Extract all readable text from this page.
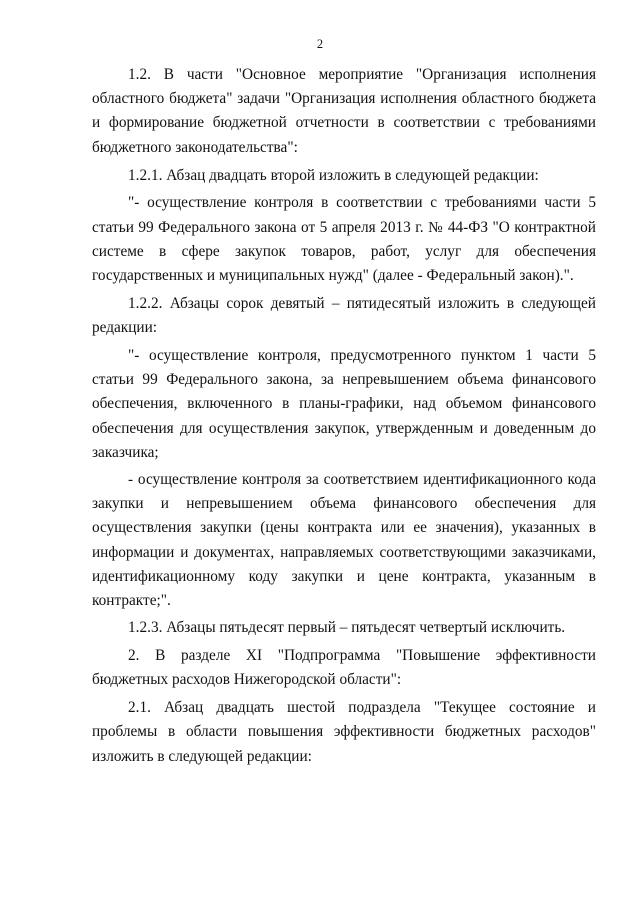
2

1.2. В части "Основное мероприятие "Организация исполнения областного бюджета" задачи "Организация исполнения областного бюджета и формирование бюджетной отчетности в соответствии с требованиями бюджетного законодательства":

1.2.1. Абзац двадцать второй изложить в следующей редакции:

"- осуществление контроля в соответствии с требованиями части 5 статьи 99 Федерального закона от 5 апреля 2013 г. № 44-ФЗ "О контрактной системе в сфере закупок товаров, работ, услуг для обеспечения государственных и муниципальных нужд" (далее - Федеральный закон).".

1.2.2. Абзацы сорок девятый – пятидесятый изложить в следующей редакции:

"- осуществление контроля, предусмотренного пунктом 1 части 5 статьи 99 Федерального закона, за непревышением объема финансового обеспечения, включенного в планы-графики, над объемом финансового обеспечения для осуществления закупок, утвержденным и доведенным до заказчика;

- осуществление контроля за соответствием идентификационного кода закупки и непревышением объема финансового обеспечения для осуществления закупки (цены контракта или ее значения), указанных в информации и документах, направляемых соответствующими заказчиками, идентификационному коду закупки и цене контракта, указанным в контракте;".

1.2.3. Абзацы пятьдесят первый – пятьдесят четвертый исключить.

2. В разделе XI "Подпрограмма "Повышение эффективности бюджетных расходов Нижегородской области":

2.1. Абзац двадцать шестой подраздела "Текущее состояние и проблемы в области повышения эффективности бюджетных расходов" изложить в следующей редакции:
